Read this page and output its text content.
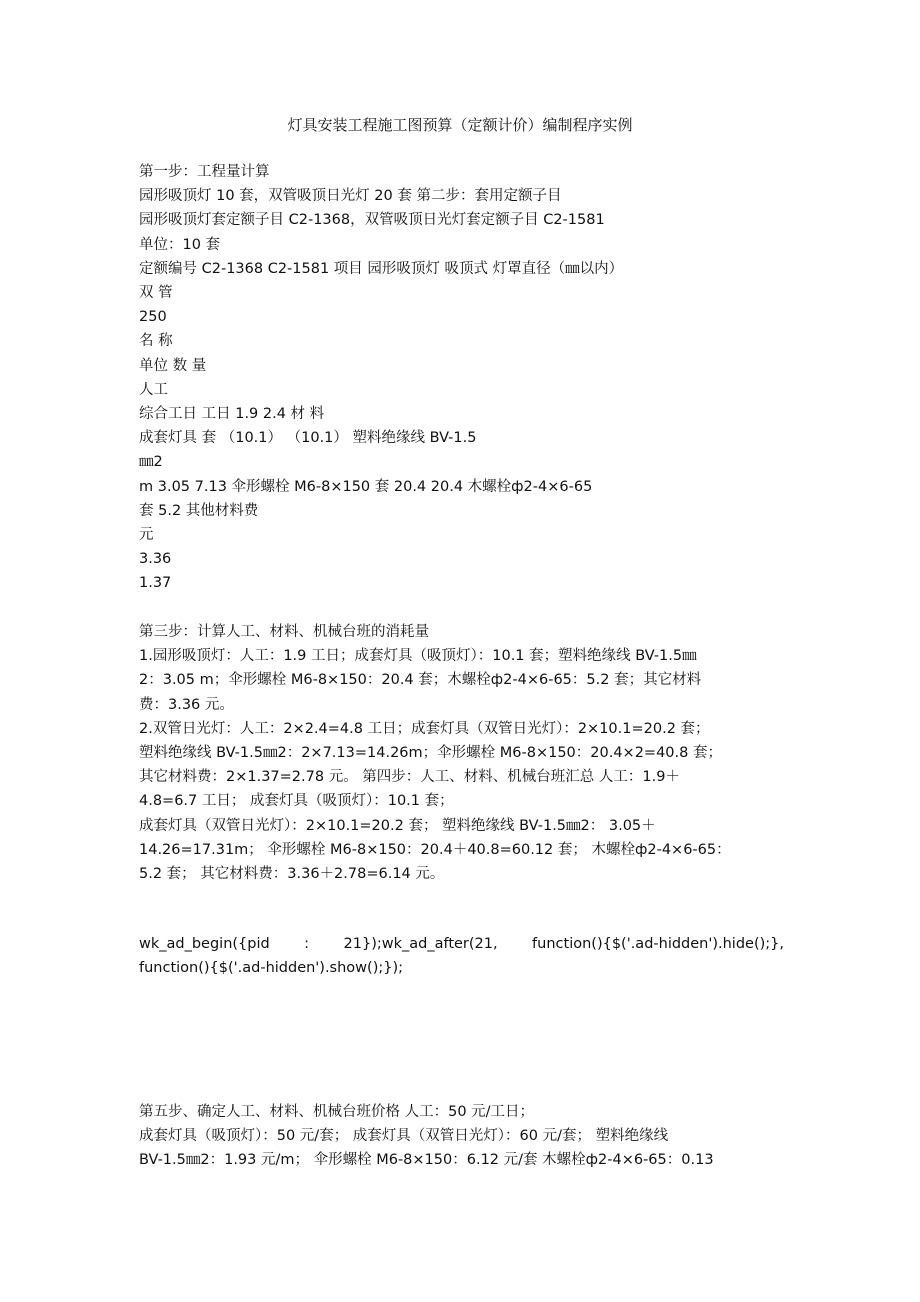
灯具安装工程施工图预算（定额计价）编制程序实例
第一步：工程量计算
园形吸顶灯 10 套，双管吸顶日光灯 20 套 第二步：套用定额子目
园形吸顶灯套定额子目 C2-1368，双管吸顶日光灯套定额子目 C2-1581
单位：10 套
定额编号 C2-1368 C2-1581 项目 园形吸顶灯 吸顶式 灯罩直径（㎜以内）
双 管
250
名 称
单位 数 量
人工
综合工日 工日 1.9 2.4 材 料
成套灯具 套 （10.1） （10.1） 塑料绝缘线 BV-1.5
㎜2
m 3.05 7.13 伞形螺栓 M6-8×150 套 20.4 20.4 木螺栓ф2-4×6-65
套 5.2 其他材料费
元
3.36
1.37
第三步：计算人工、材料、机械台班的消耗量
1.园形吸顶灯：人工：1.9 工日；成套灯具（吸顶灯）：10.1 套；塑料绝缘线 BV-1.5㎜
2：3.05 m；伞形螺栓 M6-8×150：20.4 套；木螺栓ф2-4×6-65：5.2 套；其它材料
费：3.36 元。
2.双管日光灯：人工：2×2.4=4.8 工日；成套灯具（双管日光灯）：2×10.1=20.2 套；
塑料绝缘线 BV-1.5㎜2：2×7.13=14.26m；伞形螺栓 M6-8×150：20.4×2=40.8 套；
其它材料费：2×1.37=2.78 元。 第四步：人工、材料、机械台班汇总 人工：1.9＋
4.8=6.7 工日； 成套灯具（吸顶灯）：10.1 套；
成套灯具（双管日光灯）：2×10.1=20.2 套； 塑料绝缘线 BV-1.5㎜2： 3.05＋
14.26=17.31m； 伞形螺栓 M6-8×150：20.4＋40.8=60.12 套； 木螺栓ф2-4×6-65：
5.2 套； 其它材料费：3.36＋2.78=6.14 元。
wk_ad_begin({pid : 21});wk_ad_after(21, function(){$('.ad-hidden').hide();},
function(){$('.ad-hidden').show();});
第五步、确定人工、材料、机械台班价格 人工：50 元/工日；
成套灯具（吸顶灯）：50 元/套； 成套灯具（双管日光灯）：60 元/套； 塑料绝缘线
BV-1.5㎜2：1.93 元/m； 伞形螺栓 M6-8×150：6.12 元/套 木螺栓ф2-4×6-65：0.13
